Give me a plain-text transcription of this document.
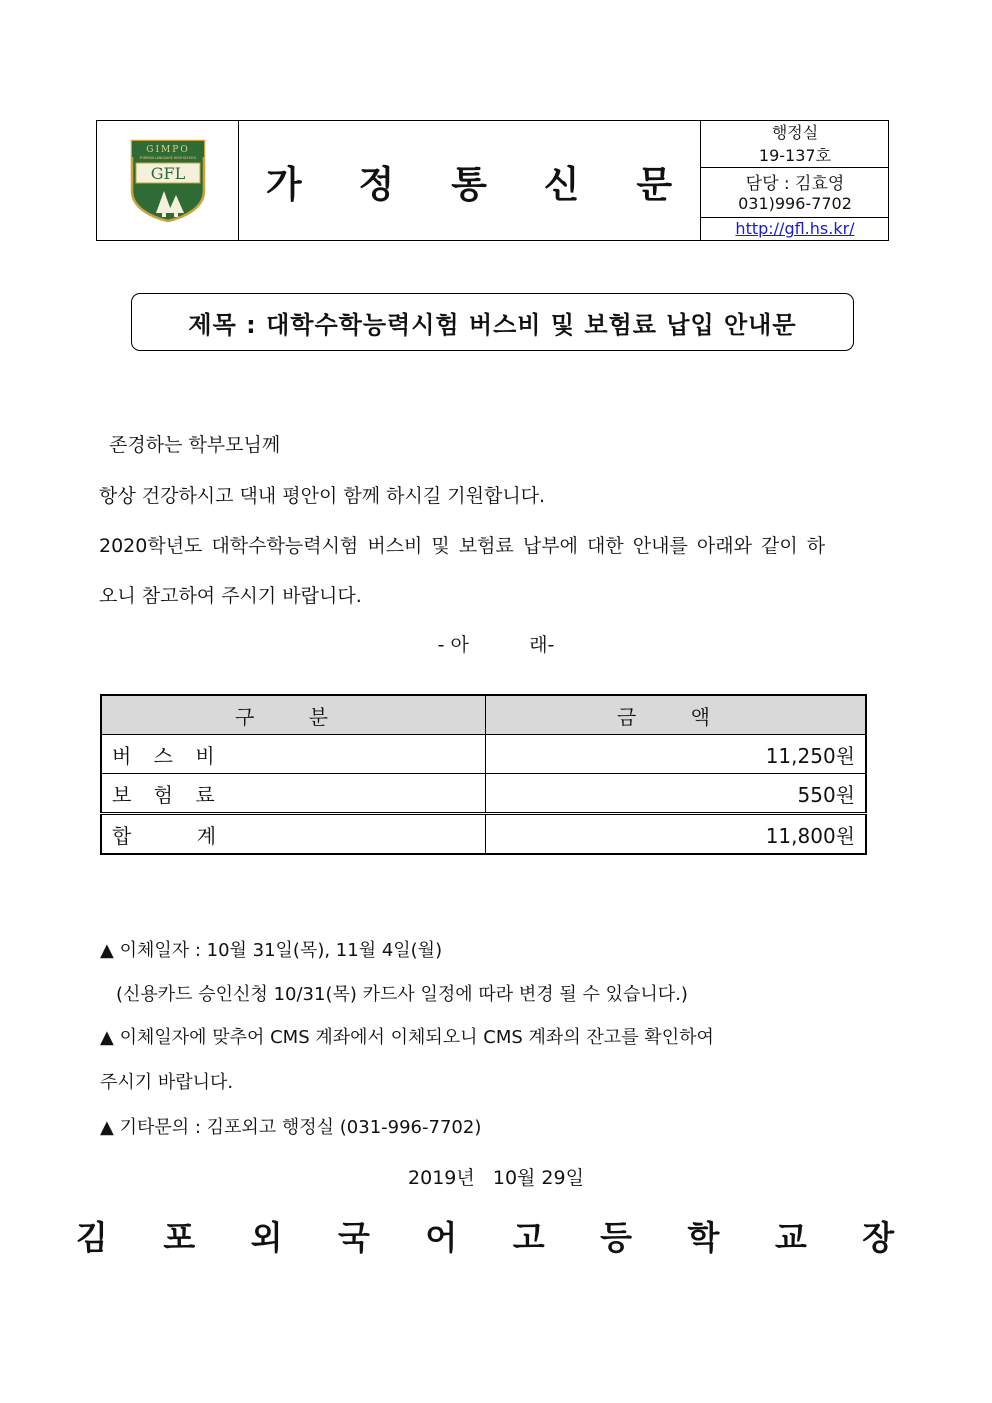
GIMPO
FOREIGN LANGUAGE HIGH SCHOOL
GFL	가 정 통 신 문
행정실
19-137호
담당 : 김효영
031)996-7702
http://gfl.hs.kr/
제목 : 대학수학능력시험 버스비 및 보험료 납입 안내문
존경하는 학부모님께
항상 건강하시고 댁내 평안이 함께 하시길 기원합니다.
2020학년도 대학수학능력시험 버스비 및 보험료 납부에 대한 안내를 아래와 같이 하
오니 참고하여 주시기 바랍니다.
- 아          래-
구 분	금 액
버 스 비	11,250원
보 험 료	550원
합    계	11,800원
▲ 이체일자 : 10월 31일(목), 11월 4일(월)
(신용카드 승인신청 10/31(목) 카드사 일정에 따라 변경 될 수 있습니다.)
▲ 이체일자에 맞추어 CMS 계좌에서 이체되오니 CMS 계좌의 잔고를 확인하여
주시기 바랍니다.
▲ 기타문의 : 김포외고 행정실 (031-996-7702)
2019년   10월 29일
김 포 외 국 어 고 등 학 교 장
